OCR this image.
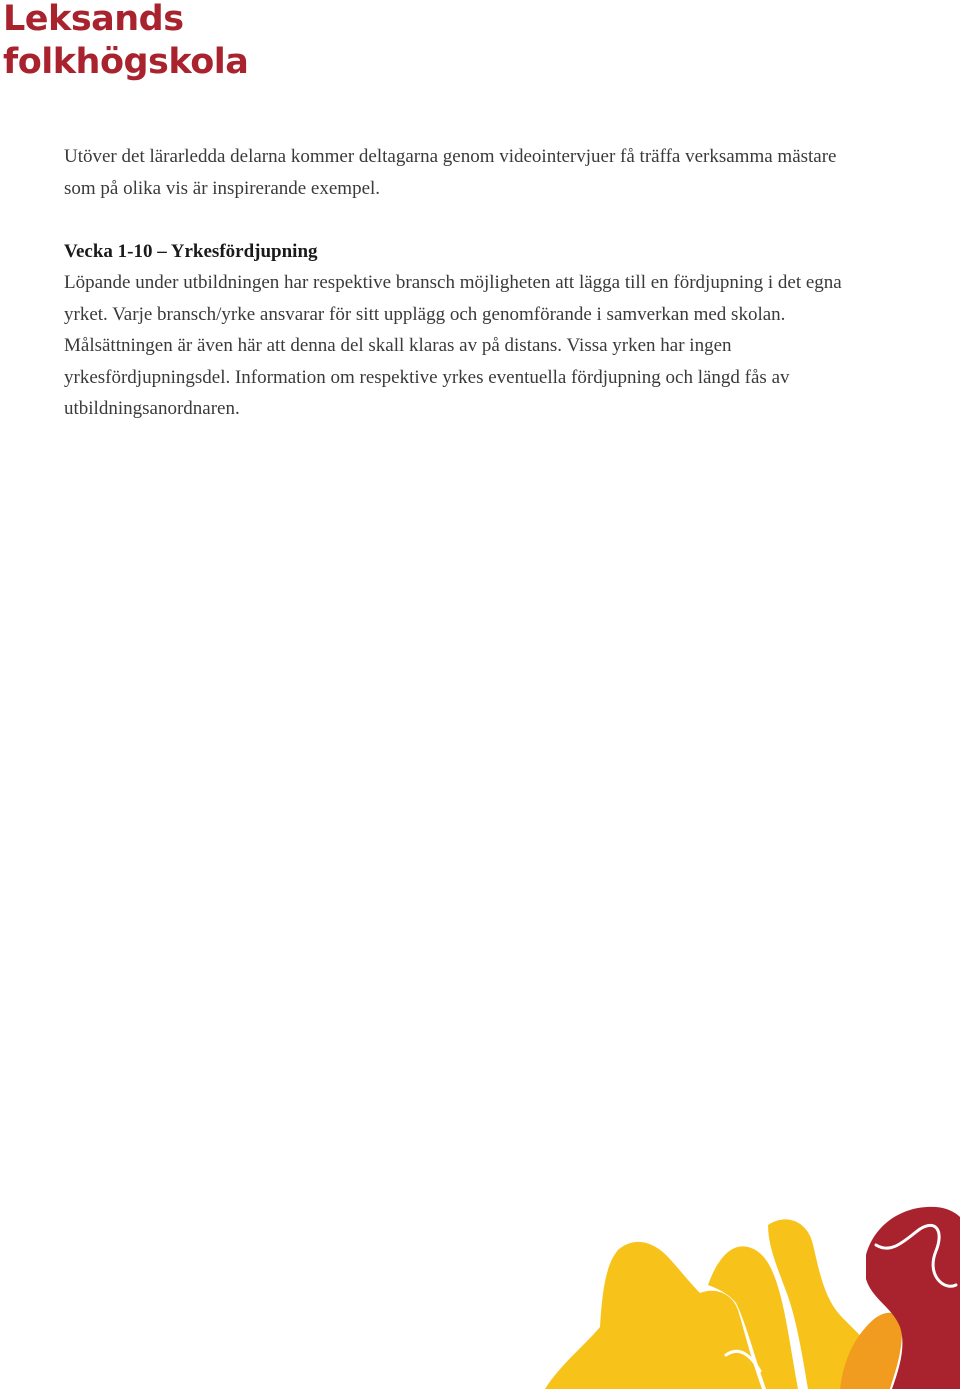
Leksands
folkhögskola

Utöver det lärarledda delarna kommer deltagarna genom videointervjuer få träffa verksamma mästare som på olika vis är inspirerande exempel.

Vecka 1-10 – Yrkesfördjupning

Löpande under utbildningen har respektive bransch möjligheten att lägga till en fördjupning i det egna yrket. Varje bransch/yrke ansvarar för sitt upplägg och genomförande i samverkan med skolan. Målsättningen är även här att denna del skall klaras av på distans. Vissa yrken har ingen yrkesfördjupningsdel. Information om respektive yrkes eventuella fördjupning och längd fås av utbildningsanordnaren.
